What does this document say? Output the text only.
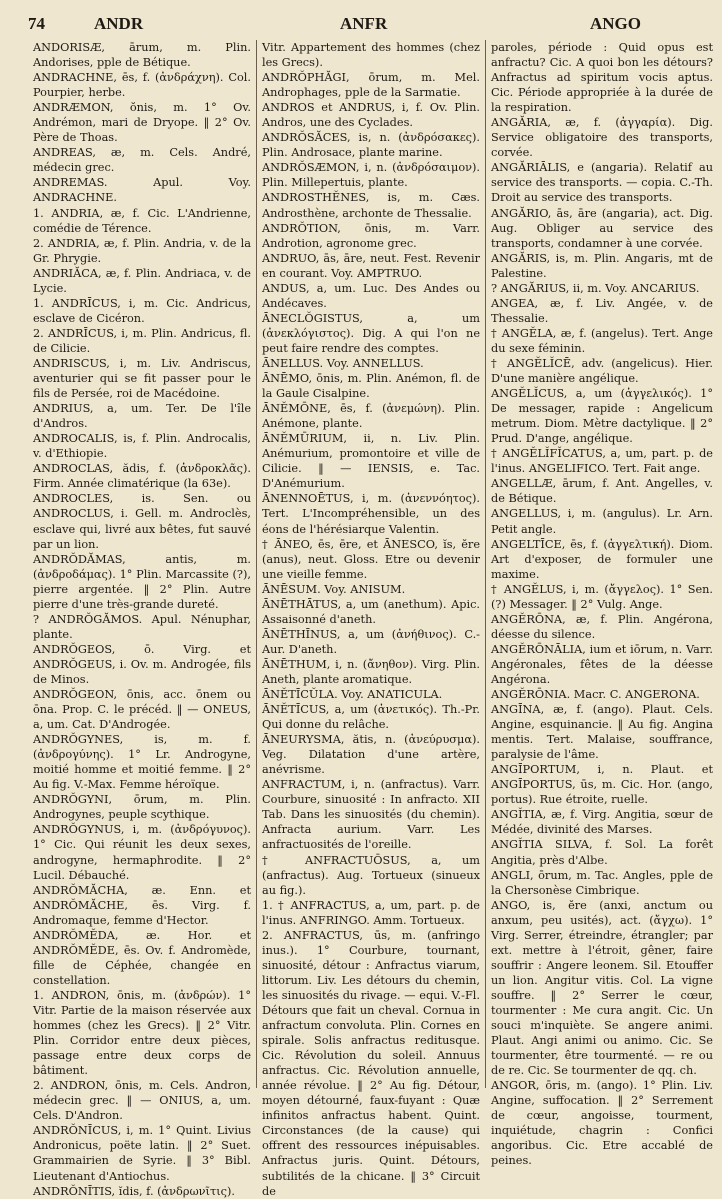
74	ANDR	ANFR	ANGO

ANDORISÆ, ārum, m. Plin. Andorises, pple de Bétique.

ANDRACHNE, ēs, f. (ἀνδράχνη). Col. Pourpier, herbe.

ANDRÆMON, ŏnis, m. 1° Ov. Andrémon, mari de Dryope. ‖ 2° Ov. Père de Thoas.

ANDREAS, æ, m. Cels. André, médecin grec.

ANDREMAS. Apul. Voy. ANDRACHNE.

1. ANDRIA, æ, f. Cic. L'Andrienne, comédie de Térence.

2. ANDRIA, æ, f. Plin. Andria, v. de la Gr. Phrygie.

ANDRIĂCA, æ, f. Plin. Andriaca, v. de Lycie.

1. ANDRĪCUS, i, m. Cic. Andricus, esclave de Cicéron.

2. ANDRĪCUS, i, m. Plin. Andricus, fl. de Cilicie.

ANDRISCUS, i, m. Liv. Andriscus, aventurier qui se fit passer pour le fils de Persée, roi de Macédoine.

ANDRIUS, a, um. Ter. De l'île d'Andros.

ANDROCALIS, is, f. Plin. Androcalis, v. d'Ethiopie.

ANDROCLAS, ădis, f. (ἀνδροκλᾶς). Firm. Année climatérique (la 63e).

ANDROCLES, is. Sen. ou ANDROCLUS, i. Gell. m. Androclès, esclave qui, livré aux bêtes, fut sauvé par un lion.

ANDRŎDĂMAS, antis, m. (ἀνδροδάμας). 1° Plin. Marcassite (?), pierre argentée. ‖ 2° Plin. Autre pierre d'une très-grande dureté.

? ANDRŎGĂMOS. Apul. Nénuphar, plante.

ANDRŎGEOS, ō. Virg. et ANDRŎGEUS, i. Ov. m. Androgée, fils de Minos.

ANDRŎGEON, ōnis, acc. ōnem ou ōna. Prop. C. le précéd. ‖ — ONEUS, a, um. Cat. D'Androgée.

ANDRŎGYNES, is, m. f. (ἀνδρογύνης). 1° Lr. Androgyne, moitié homme et moitié femme. ‖ 2° Au fig. V.-Max. Femme héroïque.

ANDRŎGYNI, ōrum, m. Plin. Androgynes, peuple scythique.

ANDRŎGYNUS, i, m. (ἀνδρόγυνος). 1° Cic. Qui réunit les deux sexes, androgyne, hermaphrodite. ‖ 2° Lucil. Débauché.

ANDRŎMĂCHA, æ. Enn. et ANDRŎMĂCHE, ēs. Virg. f. Andromaque, femme d'Hector.

ANDRŎMĔDA, æ. Hor. et ANDRŎMĔDE, ēs. Ov. f. Andromède, fille de Céphée, changée en constellation.

1. ANDRON, ōnis, m. (ἀνδρών). 1° Vitr. Partie de la maison réservée aux hommes (chez les Grecs). ‖ 2° Vitr. Plin. Corridor entre deux pièces, passage entre deux corps de bâtiment.

2. ANDRON, ōnis, m. Cels. Andron, médecin grec. ‖ — ONIUS, a, um. Cels. D'Andron.

ANDRŎNĪCUS, i, m. 1° Quint. Livius Andronicus, poëte latin. ‖ 2° Suet. Grammairien de Syrie. ‖ 3° Bibl. Lieutenant d'Antiochus.

ANDRŎNĪTIS, ĭdis, f. (ἀνδρωνῖτις).

Vitr. Appartement des hommes (chez les Grecs).

ANDRŎPHĂGI, ōrum, m. Mel. Androphages, pple de la Sarmatie.

ANDROS et ANDRUS, i, f. Ov. Plin. Andros, une des Cyclades.

ANDRŎSĂCES, is, n. (ἀνδρόσακες). Plin. Androsace, plante marine.

ANDRŎSÆMON, i, n. (ἀνδρόσαιμον). Plin. Millepertuis, plante.

ANDROSTHĔNES, is, m. Cæs. Androsthène, archonte de Thessalie.

ANDRŎTION, ōnis, m. Varr. Androtion, agronome grec.

ANDRUO, ās, āre, neut. Fest. Revenir en courant. Voy. AMPTRUO.

ANDUS, a, um. Luc. Des Andes ou Andécaves.

ĀNECLŎGISTUS, a, um (ἀνεκλόγιστος). Dig. A qui l'on ne peut faire rendre des comptes.

ĀNELLUS. Voy. ANNELLUS.

ĀNĒMO, ōnis, m. Plin. Anémon, fl. de la Gaule Cisalpine.

ĀNĔMŌNE, ēs, f. (ἀνεμώνη). Plin. Anémone, plante.

ĀNĔMŪRIUM, ii, n. Liv. Plin. Anémurium, promontoire et ville de Cilicie. ‖ — IENSIS, e. Tac. D'Anémurium.

ĀNENNOĒTUS, i, m. (ἀνεννόητος). Tert. L'Incompréhensible, un des éons de l'hérésiarque Valentin.

† ĀNEO, ēs, ēre, et ĀNESCO, ĭs, ĕre (anus), neut. Gloss. Etre ou devenir une vieille femme.

ĀNĒSUM. Voy. ANISUM.

ĀNĒTHĀTUS, a, um (anethum). Apic. Assaisonné d'aneth.

ĀNĒTHĪNUS, a, um (ἀνήθινος). C.-Aur. D'aneth.

ĀNĒTHUM, i, n. (ἄνηθον). Virg. Plin. Aneth, plante aromatique.

ĀNĔTĪCŬLA. Voy. ANATICULA.

ĀNĔTĪCUS, a, um (ἀνετικός). Th.-Pr. Qui donne du relâche.

ĀNEURYSMA, ătis, n. (ἀνεύρυσμα). Veg. Dilatation d'une artère, anévrisme.

ANFRACTUM, i, n. (anfractus). Varr. Courbure, sinuosité : In anfracto. XII Tab. Dans les sinuosités (du chemin). Anfracta aurium. Varr. Les anfractuosités de l'oreille.

† ANFRACTUŌSUS, a, um (anfractus). Aug. Tortueux (sinueux au fig.).

1. † ANFRACTUS, a, um, part. p. de l'inus. ANFRINGO. Amm. Tortueux.

2. ANFRACTUS, ūs, m. (anfringo inus.). 1° Courbure, tournant, sinuosité, détour : Anfractus viarum, littorum. Liv. Les détours du chemin, les sinuosités du rivage. — equi. V.-Fl. Détours que fait un cheval. Cornua in anfractum convoluta. Plin. Cornes en spirale. Solis anfractus reditusque. Cic. Révolution du soleil. Annuus anfractus. Cic. Révolution annuelle, année révolue. ‖ 2° Au fig. Détour, moyen détourné, faux-fuyant : Quæ infinitos anfractus habent. Quint. Circonstances (de la cause) qui offrent des ressources inépuisables. Anfractus juris. Quint. Détours, subtilités de la chicane. ‖ 3° Circuit de

paroles, période : Quid opus est anfractu? Cic. A quoi bon les détours? Anfractus ad spiritum vocis aptus. Cic. Période appropriée à la durée de la respiration.

ANGĂRIA, æ, f. (ἀγγαρία). Dig. Service obligatoire des transports, corvée.

ANGĂRIĀLIS, e (angaria). Relatif au service des transports. — copia. C.-Th. Droit au service des transports.

ANGĂRIO, ās, āre (angaria), act. Dig. Aug. Obliger au service des transports, condamner à une corvée.

ANGĂRIS, is, m. Plin. Angaris, mt de Palestine.

? ANGĂRIUS, ii, m. Voy. ANCARIUS.

ANGEA, æ, f. Liv. Angée, v. de Thessalie.

† ANGĔLA, æ, f. (angelus). Tert. Ange du sexe féminin.

† ANGĔLĬCĒ, adv. (angelicus). Hier. D'une manière angélique.

ANGĔLĬCUS, a, um (ἀγγελικός). 1° De messager, rapide : Angelicum metrum. Diom. Mètre dactylique. ‖ 2° Prud. D'ange, angélique.

† ANGĔLĬFĬCATUS, a, um, part. p. de l'inus. ANGELIFICO. Tert. Fait ange.

ANGELLÆ, ārum, f. Ant. Angelles, v. de Bétique.

ANGELLUS, i, m. (angulus). Lr. Arn. Petit angle.

ANGELTĪCE, ēs, f. (ἀγγελτική). Diom. Art d'exposer, de formuler une maxime.

† ANGĔLUS, i, m. (ἄγγελος). 1° Sen. (?) Messager. ‖ 2° Vulg. Ange.

ANGĔRŌNA, æ, f. Plin. Angérona, déesse du silence.

ANGĔRŌNĀLIA, ium et iōrum, n. Varr. Angéronales, fêtes de la déesse Angérona.

ANGĔRŌNIA. Macr. C. ANGERONA.

ANGĪNA, æ, f. (ango). Plaut. Cels. Angine, esquinancie. ‖ Au fig. Angina mentis. Tert. Malaise, souffrance, paralysie de l'âme.

ANGĪPORTUM, i, n. Plaut. et ANGĪPORTUS, ūs, m. Cic. Hor. (ango, portus). Rue étroite, ruelle.

ANGĬTIA, æ, f. Virg. Angitia, sœur de Médée, divinité des Marses.

ANGĬTIA SILVA, f. Sol. La forêt Angitia, près d'Albe.

ANGLI, ōrum, m. Tac. Angles, pple de la Chersonèse Cimbrique.

ANGO, is, ĕre (anxi, anctum ou anxum, peu usités), act. (ἄγχω). 1° Virg. Serrer, étreindre, étrangler; par ext. mettre à l'étroit, gêner, faire souffrir : Angere leonem. Sil. Etouffer un lion. Angitur vitis. Col. La vigne souffre. ‖ 2° Serrer le cœur, tourmenter : Me cura angit. Cic. Un souci m'inquiète. Se angere animi. Plaut. Angi animi ou animo. Cic. Se tourmenter, être tourmenté. — re ou de re. Cic. Se tourmenter de qq. ch.

ANGOR, ōris, m. (ango). 1° Plin. Liv. Angine, suffocation. ‖ 2° Serrement de cœur, angoisse, tourment, inquiétude, chagrin : Confici angoribus. Cic. Etre accablé de peines.
